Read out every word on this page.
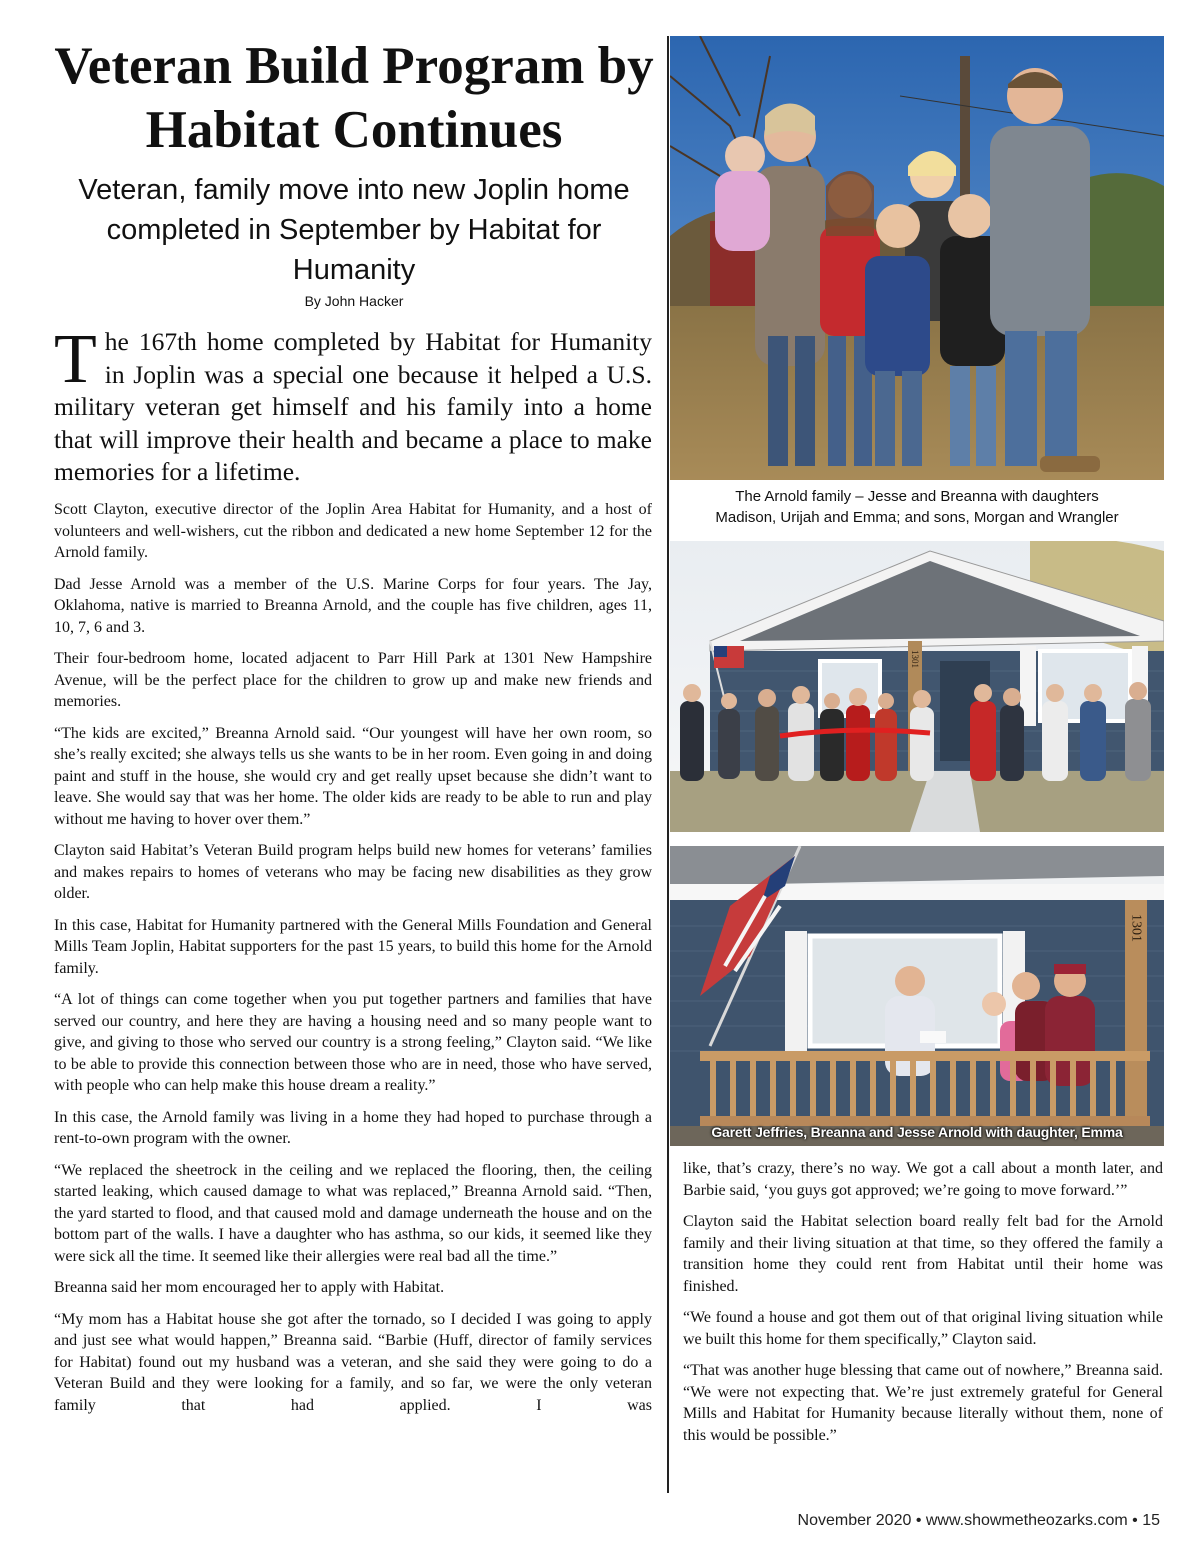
Veteran Build Program by Habitat Continues
Veteran, family move into new Joplin home completed in September by Habitat for Humanity
By John Hacker

The 167th home completed by Habitat for Humanity in Joplin was a special one because it helped a U.S. military veteran get himself and his family into a home that will improve their health and became a place to make memories for a lifetime.

Scott Clayton, executive director of the Joplin Area Habitat for Humanity, and a host of volunteers and well-wishers, cut the ribbon and dedicated a new home September 12 for the Arnold family.

Dad Jesse Arnold was a member of the U.S. Marine Corps for four years. The Jay, Oklahoma, native is married to Breanna Arnold, and the couple has five children, ages 11, 10, 7, 6 and 3.

Their four-bedroom home, located adjacent to Parr Hill Park at 1301 New Hampshire Avenue, will be the perfect place for the children to grow up and make new friends and memories.

“The kids are excited,” Breanna Arnold said. “Our youngest will have her own room, so she’s really excited; she always tells us she wants to be in her room. Even going in and doing paint and stuff in the house, she would cry and get really upset because she didn’t want to leave. She would say that was her home. The older kids are ready to be able to run and play without me having to hover over them.”

Clayton said Habitat’s Veteran Build program helps build new homes for veterans’ families and makes repairs to homes of veterans who may be facing new disabilities as they grow older.

In this case, Habitat for Humanity partnered with the General Mills Foundation and General Mills Team Joplin, Habitat supporters for the past 15 years, to build this home for the Arnold family.

“A lot of things can come together when you put together partners and families that have served our country, and here they are having a housing need and so many people want to give, and giving to those who served our country is a strong feeling,” Clayton said. “We like to be able to provide this connection between those who are in need, those who have served, with people who can help make this house dream a reality.”

In this case, the Arnold family was living in a home they had hoped to purchase through a rent-to-own program with the owner.

“We replaced the sheetrock in the ceiling and we replaced the flooring, then, the ceiling started leaking, which caused damage to what was replaced,” Breanna Arnold said. “Then, the yard started to flood, and that caused mold and damage underneath the house and on the bottom part of the walls. I have a daughter who has asthma, so our kids, it seemed like they were sick all the time. It seemed like their allergies were real bad all the time.”

Breanna said her mom encouraged her to apply with Habitat.

“My mom has a Habitat house she got after the tornado, so I decided I was going to apply and just see what would happen,” Breanna said. “Barbie (Huff, director of family services for Habitat) found out my husband was a veteran, and she said they were going to do a Veteran Build and they were looking for a family, and so far, we were the only veteran family that had applied. I was

The Arnold family – Jesse and Breanna with daughters
Madison, Urijah and Emma; and sons, Morgan and Wrangler
1301
1301
Garett Jeffries, Breanna and Jesse Arnold with daughter, Emma

like, that’s crazy, there’s no way. We got a call about a month later, and Barbie said, ‘you guys got approved; we’re going to move forward.’”

Clayton said the Habitat selection board really felt bad for the Arnold family and their living situation at that time, so they offered the family a transition home they could rent from Habitat until their home was finished.

“We found a house and got them out of that original living situation while we built this home for them specifically,” Clayton said.

“That was another huge blessing that came out of nowhere,” Breanna said. “We were not expecting that. We’re just extremely grateful for General Mills and Habitat for Humanity because literally without them, none of this would be possible.”

November 2020 • www.showmetheozarks.com • 15
